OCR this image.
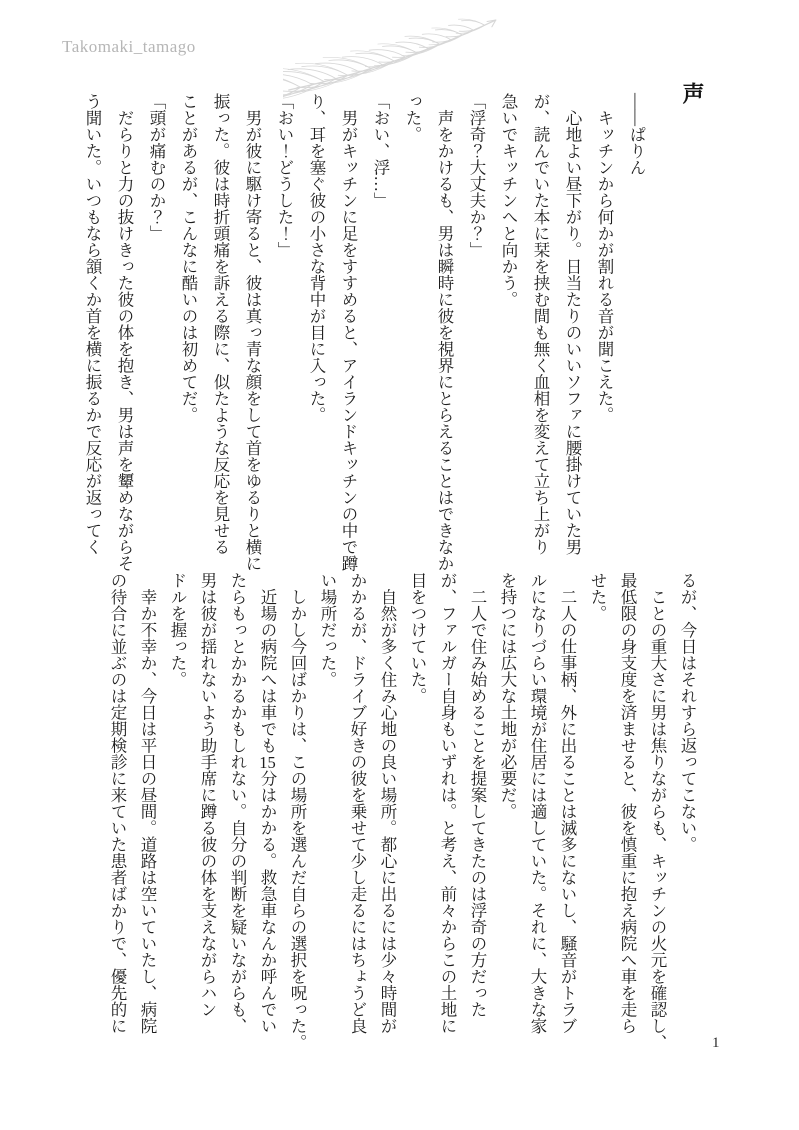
Takomaki_tamago
声

――ぱりん

　キッチンから何かが割れる音が聞こえた。

　心地よい昼下がり。日当たりのいいソファに腰掛けていた男

が、読んでいた本に栞を挟む間も無く血相を変えて立ち上がり

急いでキッチンへと向かう。

「浮奇？大丈夫か？」

　声をかけるも、男は瞬時に彼を視界にとらえることはできなか

った。

「おい、浮…」

　男がキッチンに足をすすめると、アイランドキッチンの中で蹲

り、耳を塞ぐ彼の小さな背中が目に入った。

「おい！どうした！」

　男が彼に駆け寄ると、彼は真っ青な顔をして首をゆるりと横に

振った。彼は時折頭痛を訴える際に、似たような反応を見せる

ことがあるが、こんなに酷いのは初めてだ。

「頭が痛むのか？」

　だらりと力の抜けきった彼の体を抱き、男は声を顰めながらそ

う聞いた。いつもなら頷くか首を横に振るかで反応が返ってく

るが、今日はそれすら返ってこない。

　ことの重大さに男は焦りながらも、キッチンの火元を確認し、

最低限の身支度を済ませると、彼を慎重に抱え病院へ車を走ら

せた。

　二人の仕事柄、外に出ることは滅多にないし、騒音がトラブ

ルになりづらい環境が住居には適していた。それに、大きな家

を持つには広大な土地が必要だ。

　二人で住み始めることを提案してきたのは浮奇の方だった

が、ファルガー自身もいずれは。と考え、前々からこの土地に

目をつけていた。

　自然が多く住み心地の良い場所。都心に出るには少々時間が

かかるが、ドライブ好きの彼を乗せて少し走るにはちょうど良

い場所だった。

　しかし今回ばかりは、この場所を選んだ自らの選択を呪った。

　近場の病院へは車でも15分はかかる。救急車なんか呼んでい

たらもっとかかるかもしれない。自分の判断を疑いながらも、

男は彼が揺れないよう助手席に蹲る彼の体を支えながらハン

ドルを握った。

　幸か不幸か、今日は平日の昼間。道路は空いていたし、病院

の待合に並ぶのは定期検診に来ていた患者ばかりで、優先的に

1
